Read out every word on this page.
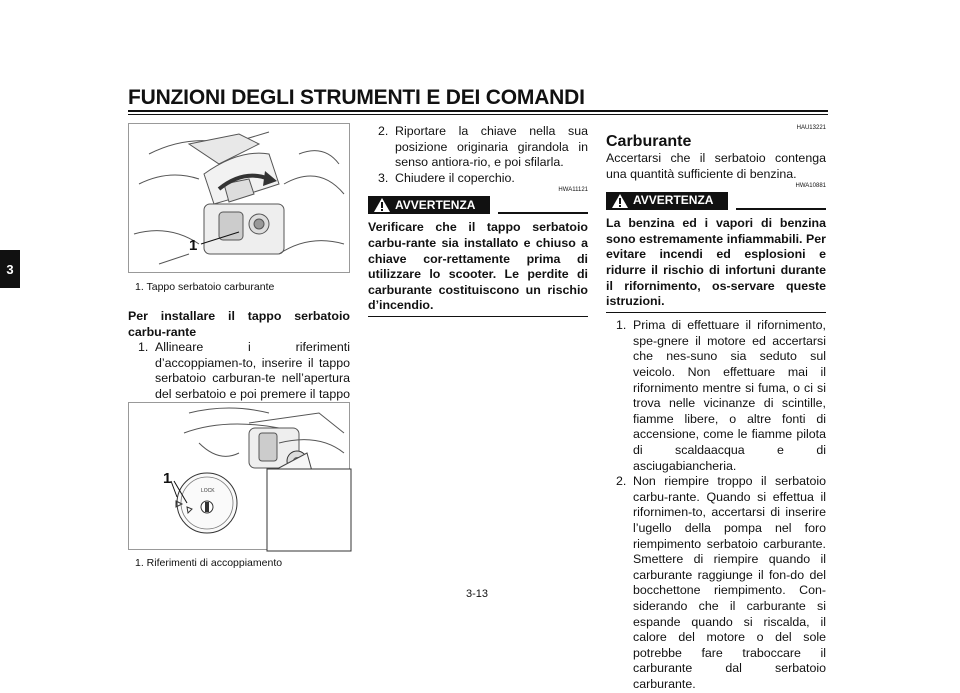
FUNZIONI DEGLI STRUMENTI E DEI COMANDI
3
1
1. Tappo serbatoio carburante

Per installare il tappo serbatoio carbu-rante

1. Allineare i riferimenti d’accoppiamen-to, inserire il tappo serbatoio carburan-te nell’apertura del serbatoio e poi premere il tappo
LOCK
1
1. Riferimenti di accoppiamento
2. Riportare la chiave nella sua posizione originaria girandola in senso antiora-rio, e poi sfilarla.
3. Chiudere il coperchio.
HWA11121
AVVERTENZA

Verificare che il tappo serbatoio carbu-rante sia installato e chiuso a chiave cor-rettamente prima di utilizzare lo scooter. Le perdite di carburante costituiscono un rischio d’incendio.

HAU13221
Carburante

Accertarsi che il serbatoio contenga una quantità sufficiente di benzina.

HWA10881
AVVERTENZA

La benzina ed i vapori di benzina sono estremamente infiammabili. Per evitare incendi ed esplosioni e ridurre il rischio di infortuni durante il rifornimento, os-servare queste istruzioni.

1. Prima di effettuare il rifornimento, spe-gnere il motore ed accertarsi che nes-suno sia seduto sul veicolo. Non effettuare mai il rifornimento mentre si fuma, o ci si trova nelle vicinanze di scintille, fiamme libere, o altre fonti di accensione, come le fiamme pilota di scaldaacqua e di asciugabiancheria.
2. Non riempire troppo il serbatoio carbu-rante. Quando si effettua il rifornimen-to, accertarsi di inserire l’ugello della pompa nel foro riempimento serbatoio carburante. Smettere di riempire quando il carburante raggiunge il fon-do del bocchettone riempimento. Con-siderando che il carburante si espande quando si riscalda, il calore del motore o del sole potrebbe fare traboccare il carburante dal serbatoio carburante.
3-13
